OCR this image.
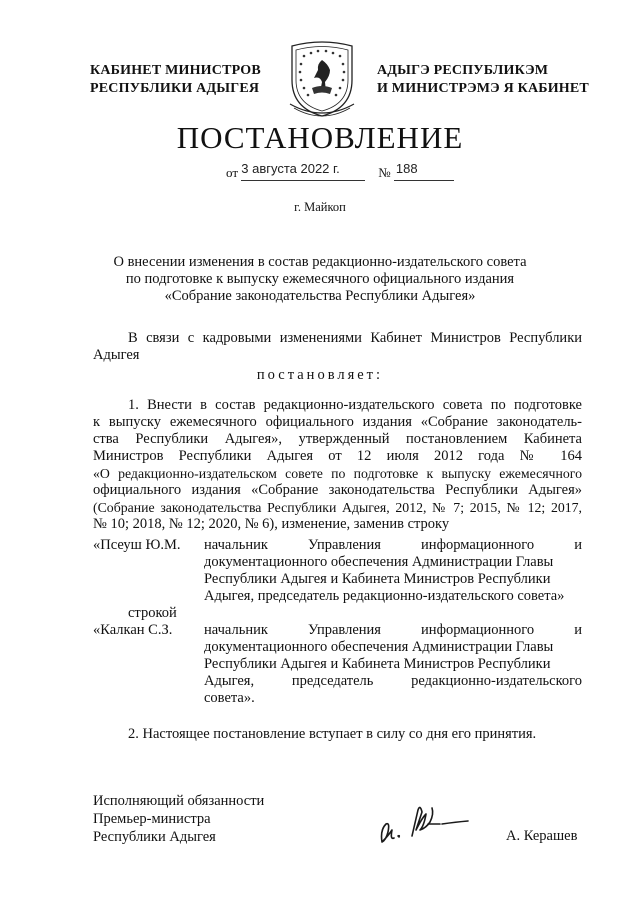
КАБИНЕТ МИНИСТРОВ
РЕСПУБЛИКИ АДЫГЕЯ
АДЫГЭ РЕСПУБЛИКЭМ
И МИНИСТРЭМЭ Я КАБИНЕТ
ПОСТАНОВЛЕНИЕ
от 3 августа 2022 г.	№ 188
г. Майкоп
О внесении изменения в состав редакционно-издательского совета
по подготовке к выпуску ежемесячного официального издания
«Собрание законодательства Республики Адыгея»
В связи с кадровыми изменениями Кабинет Министров Республики
Адыгея
постановляет:
1. Внести в состав редакционно-издательского совета по подготовке
к выпуску ежемесячного официального издания «Собрание законодатель-
ства Республики Адыгея», утвержденный постановлением Кабинета
Министров Республики Адыгея от 12 июля 2012 года № 164
«О редакционно-издательском совете по подготовке к выпуску ежемесячного
официального издания «Собрание законодательства Республики Адыгея»
(Собрание законодательства Республики Адыгея, 2012, № 7; 2015, № 12; 2017,
№ 10; 2018, № 12; 2020, № 6), изменение, заменив строку
«Псеуш Ю.М. начальник Управления информационного и
документационного обеспечения Администрации Главы
Республики Адыгея и Кабинета Министров Республики
Адыгея, председатель редакционно-издательского совета»
строкой
«Калкан С.З. начальник Управления информационного и
документационного обеспечения Администрации Главы
Республики Адыгея и Кабинета Министров Республики
Адыгея, председатель редакционно-издательского
совета».
2. Настоящее постановление вступает в силу со дня его принятия.
Исполняющий обязанности
Премьер-министра
Республики Адыгея	А. Керашев
